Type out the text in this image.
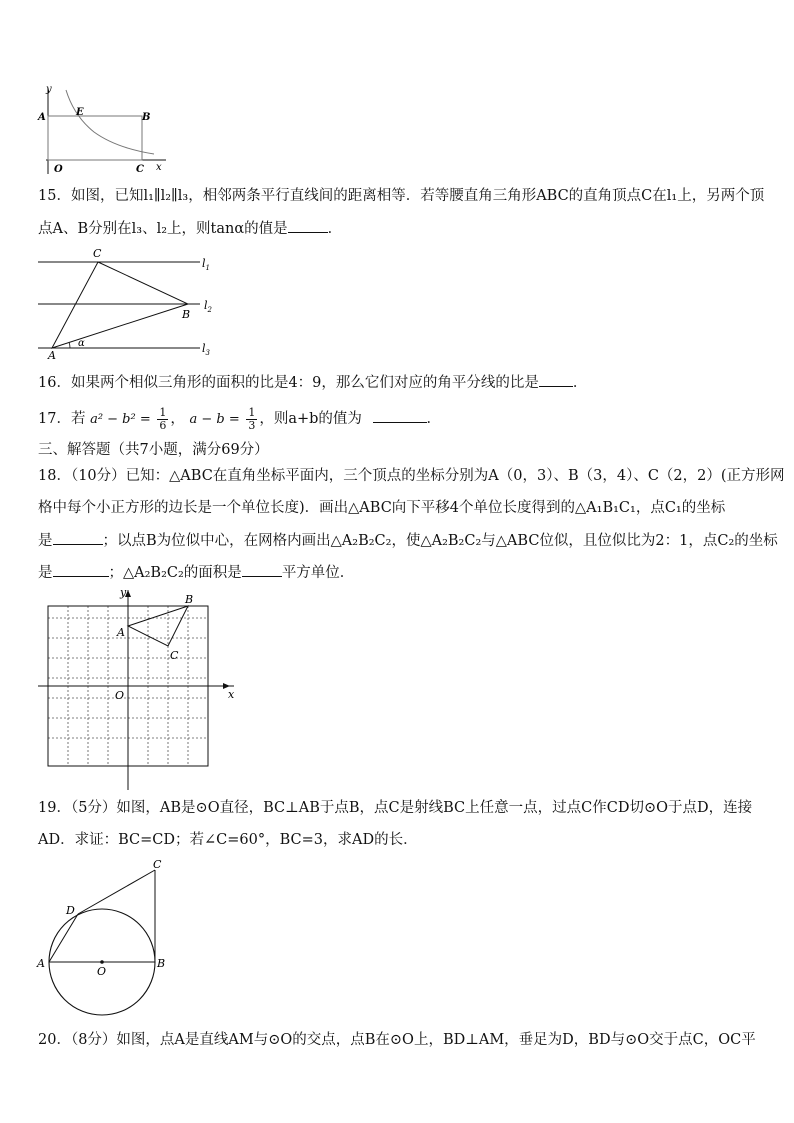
y
x
O
A	E	B
C
15．如图，已知l₁∥l₂∥l₃，相邻两条平行直线间的距离相等．若等腰直角三角形ABC的直角顶点C在l₁上，另两个顶
点A、B分别在l₃、l₂上，则tanα的值是	．
C
B
A
α
$l_1$
$l_2$
$l_3$
16．如果两个相似三角形的面积的比是4：9，那么它们对应的角平分线的比是 ．
17．若 $a^2 - b^2 = \frac{1}{6}$ ， $a - b = \frac{1}{3}$ ，则a+b的值为	．
三、解答题（共7小题，满分69分）
18．（10分）已知：△ABC在直角坐标平面内，三个顶点的坐标分别为A（0，3）、B（3，4）、C（2，2）(正方形网
格中每个小正方形的边长是一个单位长度)．画出△ABC向下平移4个单位长度得到的△A₁B₁C₁，点C₁的坐标
是	；以点B为位似中心，在网格内画出△A₂B₂C₂，使△A₂B₂C₂与△ABC位似，且位似比为2：1，点C₂的坐标
是	；△A₂B₂C₂的面积是	平方单位．
y
x
O
A
B
C
19．（5分）如图，AB是⊙O直径，BC⊥AB于点B，点C是射线BC上任意一点，过点C作CD切⊙O于点D，连接
AD．求证：BC=CD；若∠C=60°，BC=3，求AD的长．
C
D
A
O
B
20．（8分）如图，点A是直线AM与⊙O的交点，点B在⊙O上，BD⊥AM，垂足为D，BD与⊙O交于点C，OC平
